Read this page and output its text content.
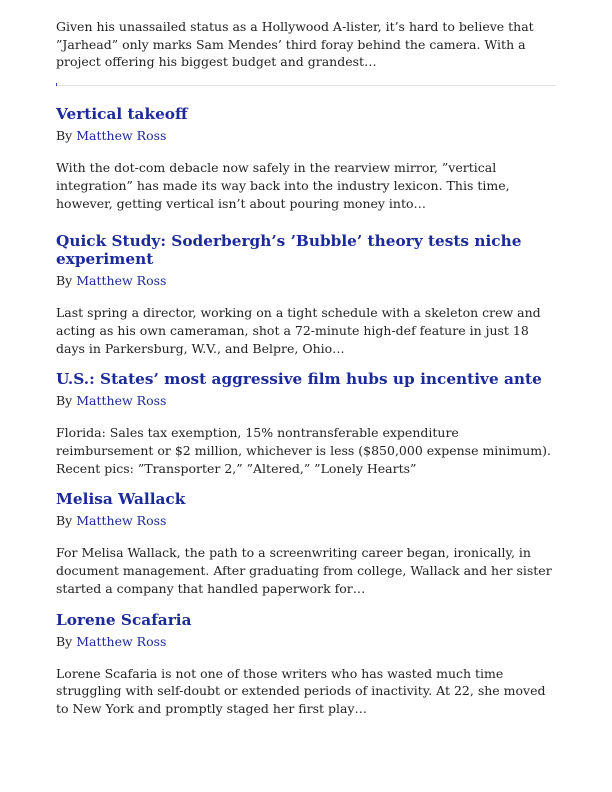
Given his unassailed status as a Hollywood A-lister, it’s hard to believe that ”Jarhead” only marks Sam Mendes’ third foray behind the camera. With a project offering his biggest budget and grandest…

Vertical takeoff

By Matthew Ross

With the dot-com debacle now safely in the rearview mirror, ”vertical integration” has made its way back into the industry lexicon. This time, however, getting vertical isn’t about pouring money into…

Quick Study: Soderbergh’s ’Bubble’ theory tests niche experiment

By Matthew Ross

Last spring a director, working on a tight schedule with a skeleton crew and acting as his own cameraman, shot a 72-minute high-def feature in just 18 days in Parkersburg, W.V., and Belpre, Ohio…

U.S.: States’ most aggressive film hubs up incentive ante

By Matthew Ross

Florida: Sales tax exemption, 15% nontransferable expenditure reimbursement or $2 million, whichever is less ($850,000 expense minimum). Recent pics: ”Transporter 2,” ”Altered,” ”Lonely Hearts”

Melisa Wallack

By Matthew Ross

For Melisa Wallack, the path to a screenwriting career began, ironically, in document management. After graduating from college, Wallack and her sister started a company that handled paperwork for…

Lorene Scafaria

By Matthew Ross

Lorene Scafaria is not one of those writers who has wasted much time struggling with self-doubt or extended periods of inactivity. At 22, she moved to New York and promptly staged her first play…
